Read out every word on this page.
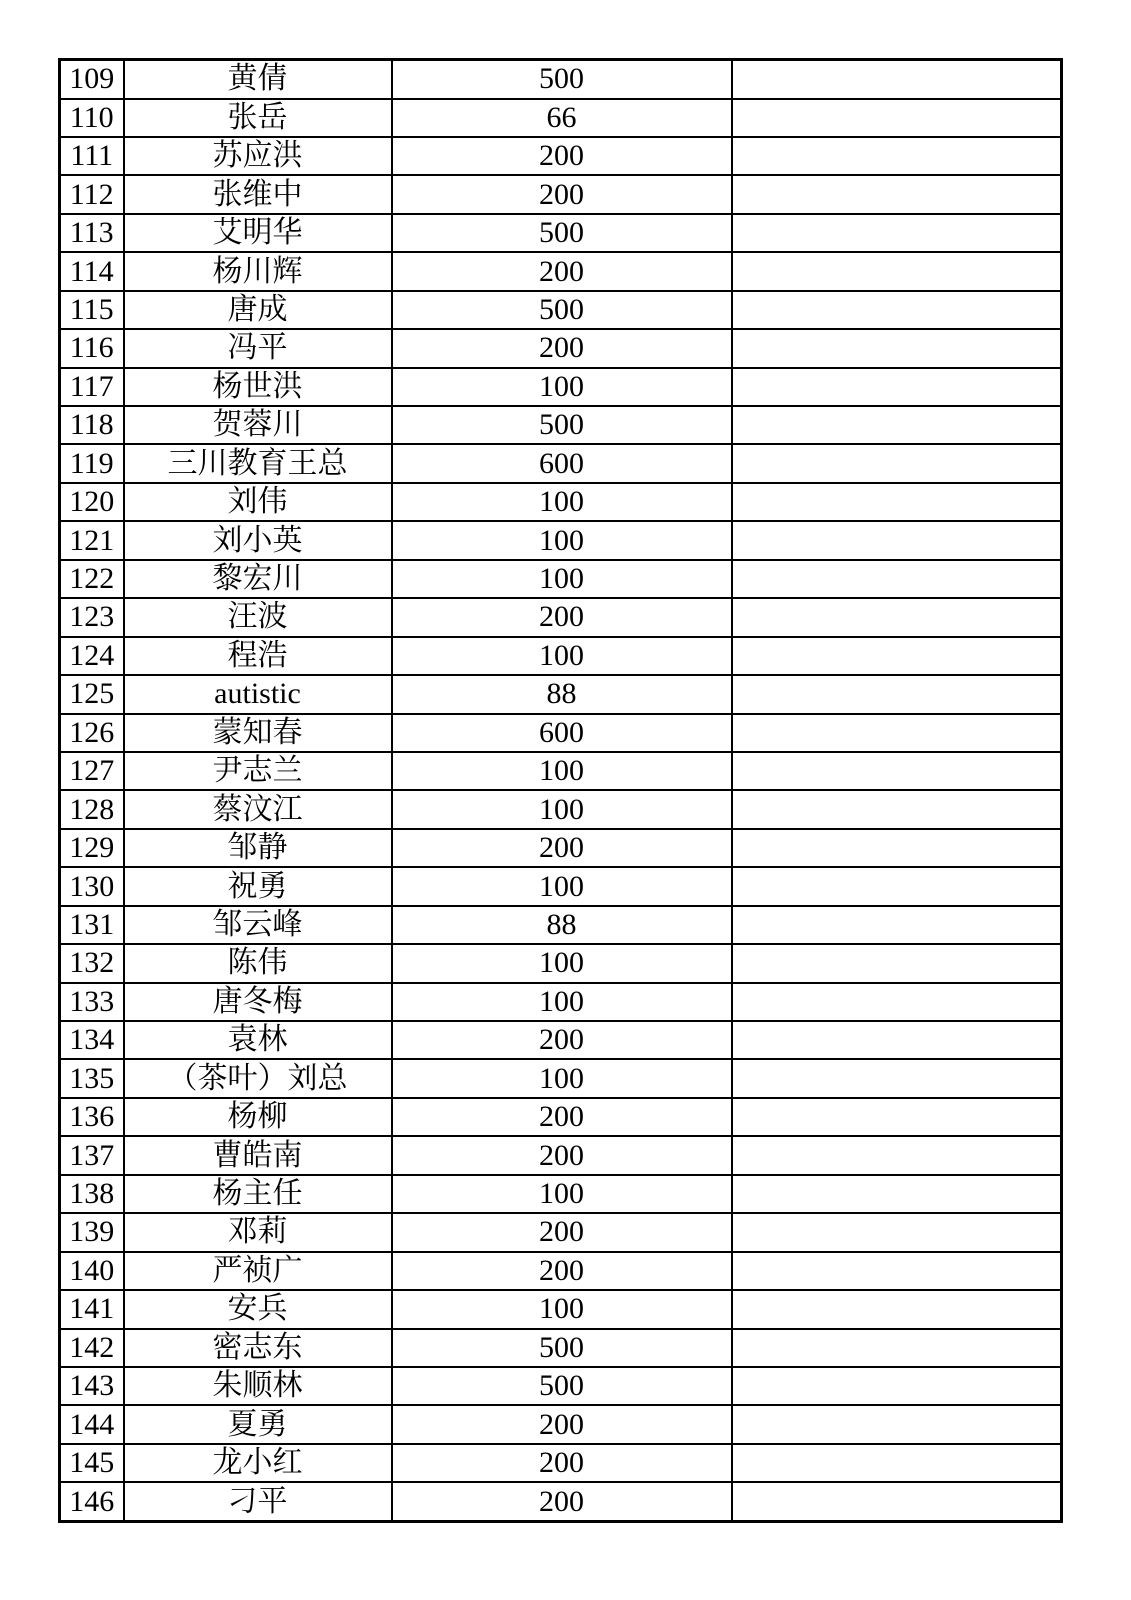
109	黄倩	500	
110	张岳	66	
111	苏应洪	200	
112	张维中	200	
113	艾明华	500	
114	杨川辉	200	
115	唐成	500	
116	冯平	200	
117	杨世洪	100	
118	贺蓉川	500	
119	三川教育王总	600	
120	刘伟	100	
121	刘小英	100	
122	黎宏川	100	
123	汪波	200	
124	程浩	100	
125	autistic	88	
126	蒙知春	600	
127	尹志兰	100	
128	蔡汶江	100	
129	邹静	200	
130	祝勇	100	
131	邹云峰	88	
132	陈伟	100	
133	唐冬梅	100	
134	袁林	200	
135	（茶叶）刘总	100	
136	杨柳	200	
137	曹皓南	200	
138	杨主任	100	
139	邓莉	200	
140	严祯广	200	
141	安兵	100	
142	密志东	500	
143	朱顺林	500	
144	夏勇	200	
145	龙小红	200	
146	刁平	200	
